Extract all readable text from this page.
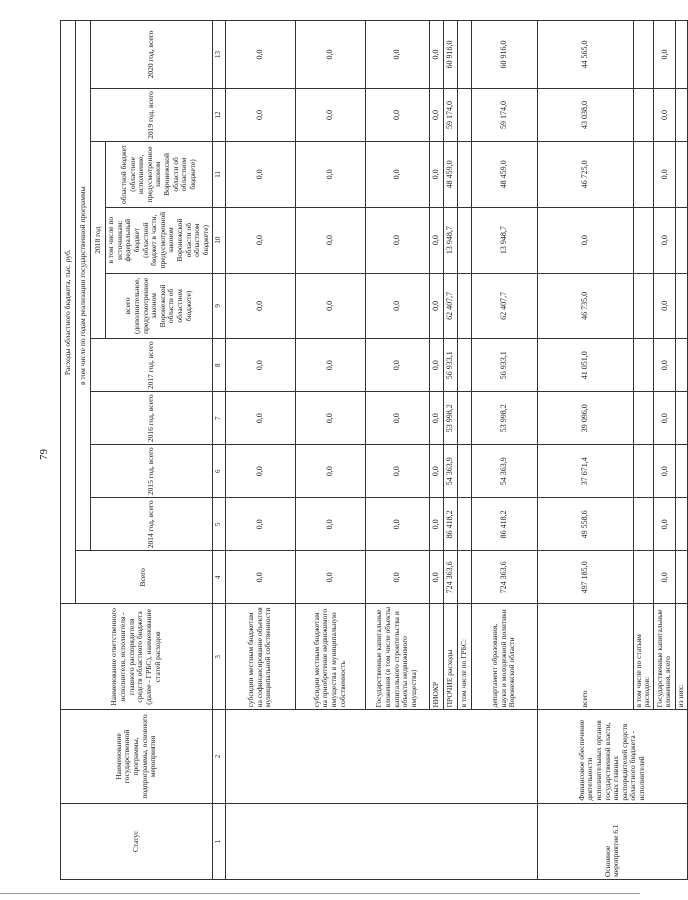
79
Статус	Наименование государственной программы, подпрограммы, основного мероприятия	Наименование ответственного исполнителя, исполнителя - главного распорядителя средств областного бюджета (далее - ГРБС), наименование статей расходов	Расходы областного бюджета, тыс. руб.									
			Всего	в том числе по годам реализации государственной программы								
				2014 год, всего	2015 год, всего	2016 год, всего	2017 год, всего	2018 год			2019 год, всего	2020 год, всего
								всего (дополнительное, предусмотренное законом Воронежской области об областном бюджете)	в том числе по источникам: федеральный бюджет (областной бюджет в части, предусмотренной законом Воронежской области об областном бюджете)	областной бюджет (областное исполнение, предусмотренное законом Воронежской области об областном бюджете)		
1	2	3	4	5	6	7	8	9	10	11	12	13
		субсидии местным бюджетам на софинансирование объектов муниципальной собственности	0,0	0,0	0,0	0,0	0,0	0,0	0,0	0,0	0,0	0,0
		субсидии местным бюджетам на приобретение недвижимого имущества в муниципальную собственность	0,0	0,0	0,0	0,0	0,0	0,0	0,0	0,0	0,0	0,0
		Государственные капитальные вложения (в том числе объекты капитального строительства и объекты недвижимого имущества)	0,0	0,0	0,0	0,0	0,0	0,0	0,0	0,0	0,0	0,0
		НИОКР	0,0	0,0	0,0	0,0	0,0	0,0	0,0	0,0	0,0	0,0
		ПРОЧИЕ расходы	724 363,6	86 418,2	54 363,9	53 998,2	56 933,1	62 407,7	13 948,7	48 459,0	59 174,0	60 916,0
		в том числе по ГРБС:										
		департамент образования, науки и молодежной политики Воронежской области	724 363,6	86 418,2	54 363,9	53 998,2	56 933,1	62 407,7	13 948,7	48 459,0	59 174,0	60 916,0
Основное мероприятие 6.1	Финансовое обеспечение деятельности исполнительных органов государственной власти, иных главных распорядителей средств областного бюджета - исполнителей	всего	497 185,0	49 558,6	37 671,4	39 096,0	41 051,0	46 735,0	0,0	46 725,0	43 038,0	44 565,0
		в том числе по статьям расходов:										
		Государственные капитальные вложения, всего	0,0	0,0	0,0	0,0	0,0	0,0	0,0	0,0	0,0	0,0
		из них:										
